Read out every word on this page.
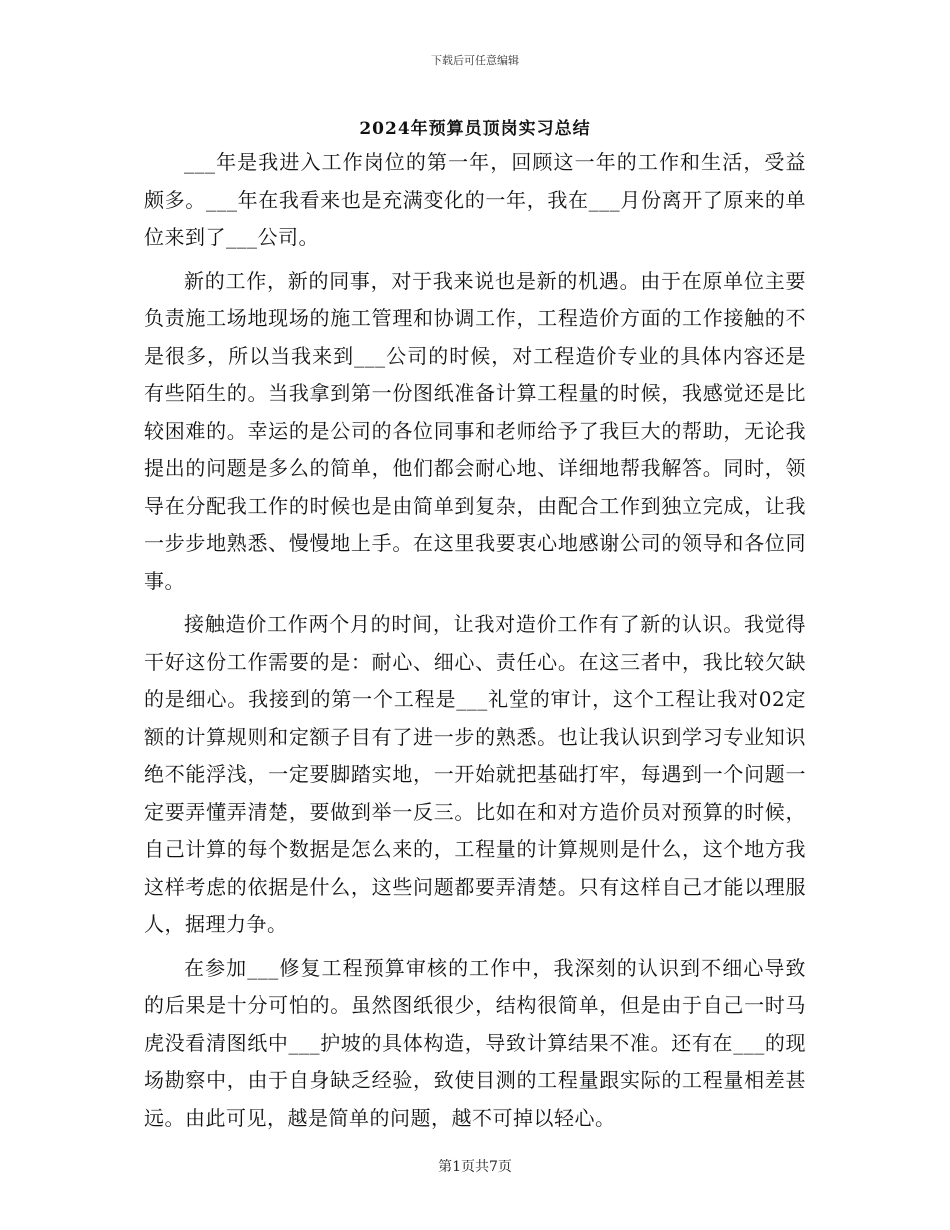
下载后可任意编辑
2024年预算员顶岗实习总结

___年是我进入工作岗位的第一年，回顾这一年的工作和生活，受益颇多。___年在我看来也是充满变化的一年，我在___月份离开了原来的单位来到了___公司。

新的工作，新的同事，对于我来说也是新的机遇。由于在原单位主要负责施工场地现场的施工管理和协调工作，工程造价方面的工作接触的不是很多，所以当我来到___公司的时候，对工程造价专业的具体内容还是有些陌生的。当我拿到第一份图纸准备计算工程量的时候，我感觉还是比较困难的。幸运的是公司的各位同事和老师给予了我巨大的帮助，无论我提出的问题是多么的简单，他们都会耐心地、详细地帮我解答。同时，领导在分配我工作的时候也是由简单到复杂，由配合工作到独立完成，让我一步步地熟悉、慢慢地上手。在这里我要衷心地感谢公司的领导和各位同事。

接触造价工作两个月的时间，让我对造价工作有了新的认识。我觉得干好这份工作需要的是：耐心、细心、责任心。在这三者中，我比较欠缺的是细心。我接到的第一个工程是___礼堂的审计，这个工程让我对02定额的计算规则和定额子目有了进一步的熟悉。也让我认识到学习专业知识绝不能浮浅，一定要脚踏实地，一开始就把基础打牢，每遇到一个问题一定要弄懂弄清楚，要做到举一反三。比如在和对方造价员对预算的时候，自己计算的每个数据是怎么来的，工程量的计算规则是什么，这个地方我这样考虑的依据是什么，这些问题都要弄清楚。只有这样自己才能以理服人，据理力争。

在参加___修复工程预算审核的工作中，我深刻的认识到不细心导致的后果是十分可怕的。虽然图纸很少，结构很简单，但是由于自己一时马虎没看清图纸中___护坡的具体构造，导致计算结果不准。还有在___的现场勘察中，由于自身缺乏经验，致使目测的工程量跟实际的工程量相差甚远。由此可见，越是简单的问题，越不可掉以轻心。

第1页共7页
